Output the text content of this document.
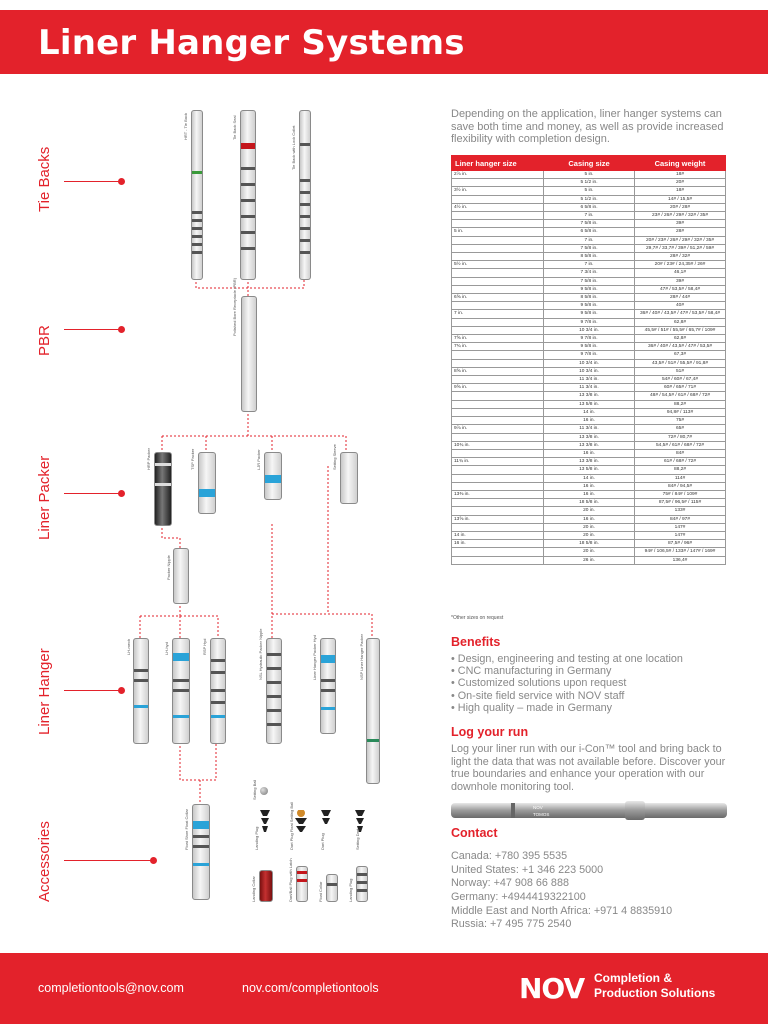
Liner Hanger Systems
Tie Backs
PBR
Liner Packer
Liner Hanger
Accessories
HRT - Tie Back	Tie Back Seal	Tie Back with Lock Collet
Polished Bore Receptacle (PBR)
HRP Packer	TSP Packer	LJR Packer	Setting Sleeve
Packer Nipple
LH-mech	LH-hyd	RSP Hyd	NSL Hydraulic Packer Nipple	Liner Hanger Packer Hyd	NSP Liner Hanger Packer
Float Shoe Float Collar
Setting Ball
Landing Plug	Dart Plug Float Setting Ball	Dart Plug	Setting Dart
Landing Collar	Dart/Ball Plug with Latch	Float Collar	Landing Plug

Depending on the application, liner hanger systems can save both time and money, as well as provide increased flexibility with completion design.

Liner hanger size	Casing size	Casing weight
2⅞ in.	5 in.	18#
	5 1/2 in.	20#
3½ in.	5 in.	18#
	5 1/2 in.	14# / 15,5#
4½ in.	6 5/8 in.	20# / 28#
	7 in.	23# / 26# / 29# / 32# / 35#
	7 5/8 in.	39#
5 in.	6 5/8 in.	28#
	7 in.	20# / 23# / 26# / 29# / 32# / 35#
	7 5/8 in.	29,7# / 33,7# / 39# / 51,2# / 59#
	8 5/8 in.	28# / 32#
5½ in.	7 in.	20# / 23# / 24,35# / 26#
	7 3/4 in.	46,1#
	7 5/8 in.	39#
	9 5/8 in.	47# / 53,5# / 58,4#
6⅝ in.	8 5/8 in.	28# / 44#
	9 5/8 in.	40#
7 in.	9 5/8 in.	36# / 40# / 43,5# / 47# / 53,5# / 58,4#
	9 7/8 in.	62,8#
	10 3/4 in.	45,5# / 51# / 55,5# / 65,7# / 109#
7⅝ in.	9 7/8 in.	62,8#
7¾ in.	9 5/8 in.	36# / 40# / 43,5# / 47# / 53,5#
	9 7/8 in.	67,3#
	10 3/4 in.	43,5# / 51# / 55,5# / 91,8#
8⅝ in.	10 3/4 in.	51#
	11 3/4 in.	54# / 60# / 67,4#
9⅝ in.	11 3/4 in.	60# / 65# / 71#
	13 3/8 in.	48# / 54,5# / 61# / 68# / 72#
	13 5/8 in.	88,2#
	14 in.	94,8# / 113#
	16 in.	75#
9⅞ in.	11 3/4 in.	65#
	13 3/8 in.	72# / 80,7#
10¾ in.	13 3/8 in.	54,5# / 61# / 68# / 72#
	16 in.	84#
11¾ in.	13 3/8 in.	61# / 68# / 72#
	13 5/8 in.	88,2#
	14 in.	114#
	16 in.	84# / 94,5#
13⅜ in.	16 in.	75# / 84# / 109#
	18 5/8 in.	87,5# / 96,5# / 115#
	20 in.	133#
13⅝ in.	16 in.	84# / 97#
	20 in.	147#
14 in.	20 in.	147#
16 in.	18 5/8 in.	87,5# / 96#
	20 in.	94# / 106,5# / 133# / 147# / 169#
	26 in.	136,4#
*Other sizes on request
Benefits
• Design, engineering and testing at one location
• CNC manufacturing in Germany
• Customized solutions upon request
• On-site field service with NOV staff
• High quality – made in Germany
Log your run

Log your liner run with our i-Con™ tool and bring back to light the data that was not available before. Discover your true boundaries and enhance your operation with our downhole monitoring tool.

NOV
TOMOS
Contact
Canada: +780 395 5535
United States: +1 346 223 5000
Norway: +47 908 66 888
Germany: +4944419322100
Middle East and North Africa: +971 4 8835910
Russia: +7 495 775 2540
completiontools@nov.com	nov.com/completiontools	NOV Completion &
Production Solutions
